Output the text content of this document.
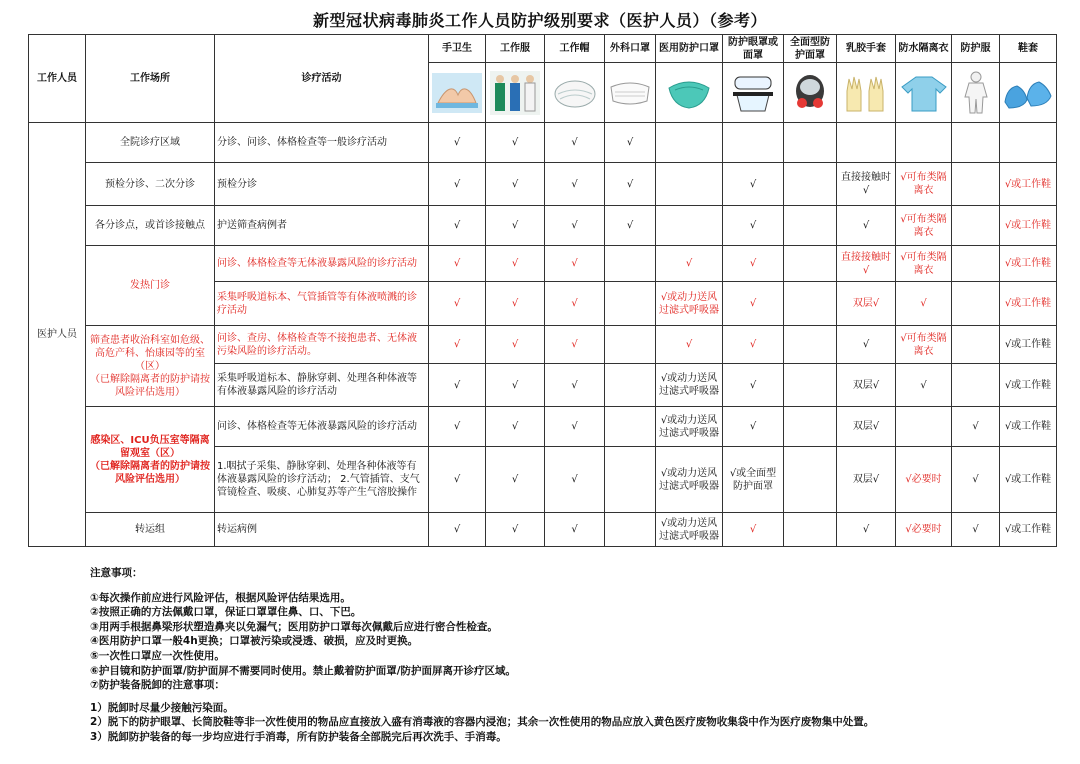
新型冠状病毒肺炎工作人员防护级别要求（医护人员）（参考）
工作人员	工作场所	诊疗活动	手卫生	工作服	工作帽	外科口罩	医用防护口罩	防护眼罩或面罩	全面型防护面罩	乳胶手套	防水隔离衣	防护服	鞋套

医护人员	全院诊疗区域	分诊、问诊、体格检查等一般诊疗活动	√	√	√	√							
	预检分诊、二次分诊	预检分诊	√	√	√	√		√		直接接触时√	√可布类隔离衣		√或工作鞋
	各分诊点，或首诊接触点	护送筛查病例者	√	√	√	√		√		√	√可布类隔离衣		√或工作鞋
	发热门诊	问诊、体格检查等无体液暴露风险的诊疗活动	√	√	√		√	√		直接接触时√	√可布类隔离衣		√或工作鞋
		采集呼吸道标本、气管插管等有体液喷溅的诊疗活动	√	√	√		√或动力送风过滤式呼吸器	√		双层√	√		√或工作鞋
	筛查患者收治科室如危级、高危产科、怡康园等的室（区）
（已解除隔离者的防护请按风险评估选用）	问诊、查房、体格检查等不接抱患者、无体液污染风险的诊疗活动。	√	√	√		√	√		√	√可布类隔离衣		√或工作鞋
		采集呼吸道标本、静脉穿刺、处理各种体液等有体液暴露风险的诊疗活动	√	√	√		√或动力送风过滤式呼吸器	√		双层√	√		√或工作鞋
	感染区、ICU负压室等隔离留观室（区）
（已解除隔离者的防护请按风险评估选用）	问诊、体格检查等无体液暴露风险的诊疗活动	√	√	√		√或动力送风过滤式呼吸器	√		双层√		√	√或工作鞋
		1.咽拭子采集、静脉穿刺、处理各种体液等有体液暴露风险的诊疗活动； 2.气管插管、支气管镜检查、吸痰、心肺复苏等产生气溶胶操作	√	√	√		√或动力送风过滤式呼吸器	√或全面型防护面罩		双层√	√必要时	√	√或工作鞋
	转运组	转运病例	√	√	√		√或动力送风过滤式呼吸器	√		√	√必要时	√	√或工作鞋
注意事项：
①每次操作前应进行风险评估，根据风险评估结果选用。
②按照正确的方法佩戴口罩，保证口罩罩住鼻、口、下巴。
③用两手根据鼻梁形状塑造鼻夹以免漏气；医用防护口罩每次佩戴后应进行密合性检查。
④医用防护口罩一般4h更换；口罩被污染或浸透、破损，应及时更换。
⑤一次性口罩应一次性使用。
⑥护目镜和防护面罩/防护面屏不需要同时使用。禁止戴着防护面罩/防护面屏离开诊疗区域。
⑦防护装备脱卸的注意事项：
1）脱卸时尽量少接触污染面。
2）脱下的防护眼罩、长筒胶鞋等非一次性使用的物品应直接放入盛有消毒液的容器内浸泡；其余一次性使用的物品应放入黄色医疗废物收集袋中作为医疗废物集中处置。
3）脱卸防护装备的每一步均应进行手消毒，所有防护装备全部脱完后再次洗手、手消毒。
